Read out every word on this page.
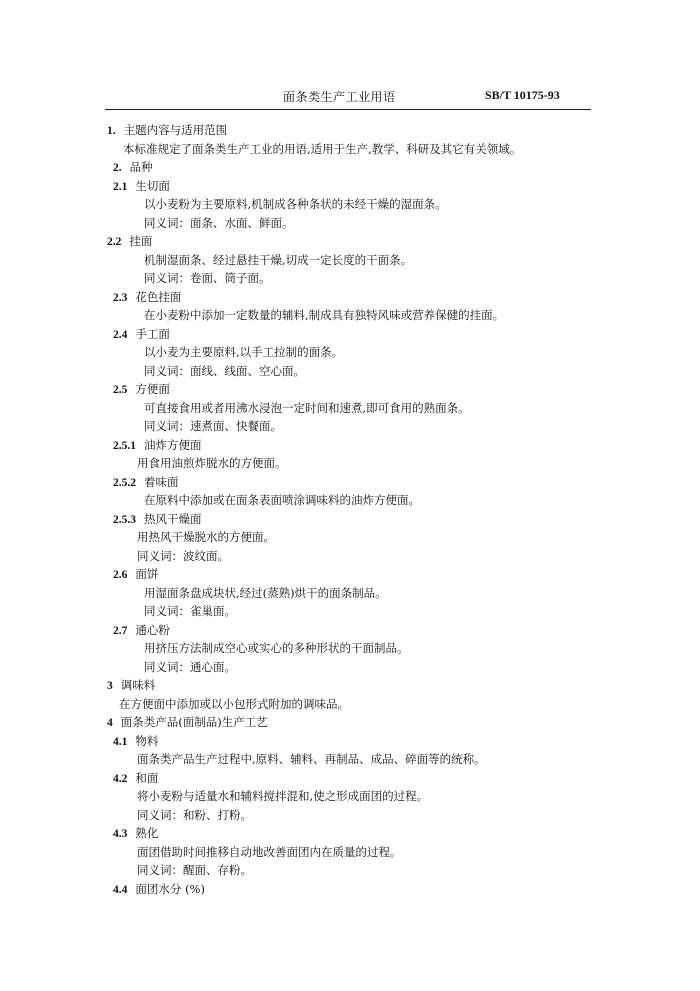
面条类生产工业用语	SB/T 10175-93
1. 主题内容与适用范围
本标准规定了面条类生产工业的用语,适用于生产,教学、科研及其它有关领域。
2. 品种
2.1 生切面
以小麦粉为主要原料,机制成各种条状的未经干燥的湿面条。
同义词：面条、水面、鲜面。
2.2 挂面
机制湿面条、经过悬挂干燥,切成一定长度的干面条。
同义词：卷面、筒子面。
2.3 花色挂面
在小麦粉中添加一定数量的辅料,制成具有独特风味或营养保健的挂面。
2.4 手工面
以小麦为主要原料,以手工拉制的面条。
同义词：面线、线面、空心面。
2.5 方便面
可直接食用或者用沸水浸泡一定时间和速煮,即可食用的熟面条。
同义词：速煮面、快餐面。
2.5.1 油炸方便面
用食用油煎炸脱水的方便面。
2.5.2 着味面
在原料中添加或在面条表面喷涂调味料的油炸方便面。
2.5.3 热风干燥面
用热风干燥脱水的方便面。
同义词：波纹面。
2.6 面饼
用湿面条盘成块状,经过(蒸熟)烘干的面条制品。
同义词：雀巢面。
2.7 通心粉
用挤压方法制成空心或实心的多种形状的干面制品。
同义词：通心面。
3 调味料
在方便面中添加或以小包形式附加的调味品。
4 面条类产品(面制品)生产工艺
4.1 物料
面条类产品生产过程中,原料、辅料、再制品、成品、碎面等的统称。
4.2 和面
将小麦粉与适量水和辅料搅拌混和,使之形成面团的过程。
同义词：和粉、打粉。
4.3 熟化
面团借助时间推移自动地改善面团内在质量的过程。
同义词：醒面、存粉。
4.4 面团水分 (%)
